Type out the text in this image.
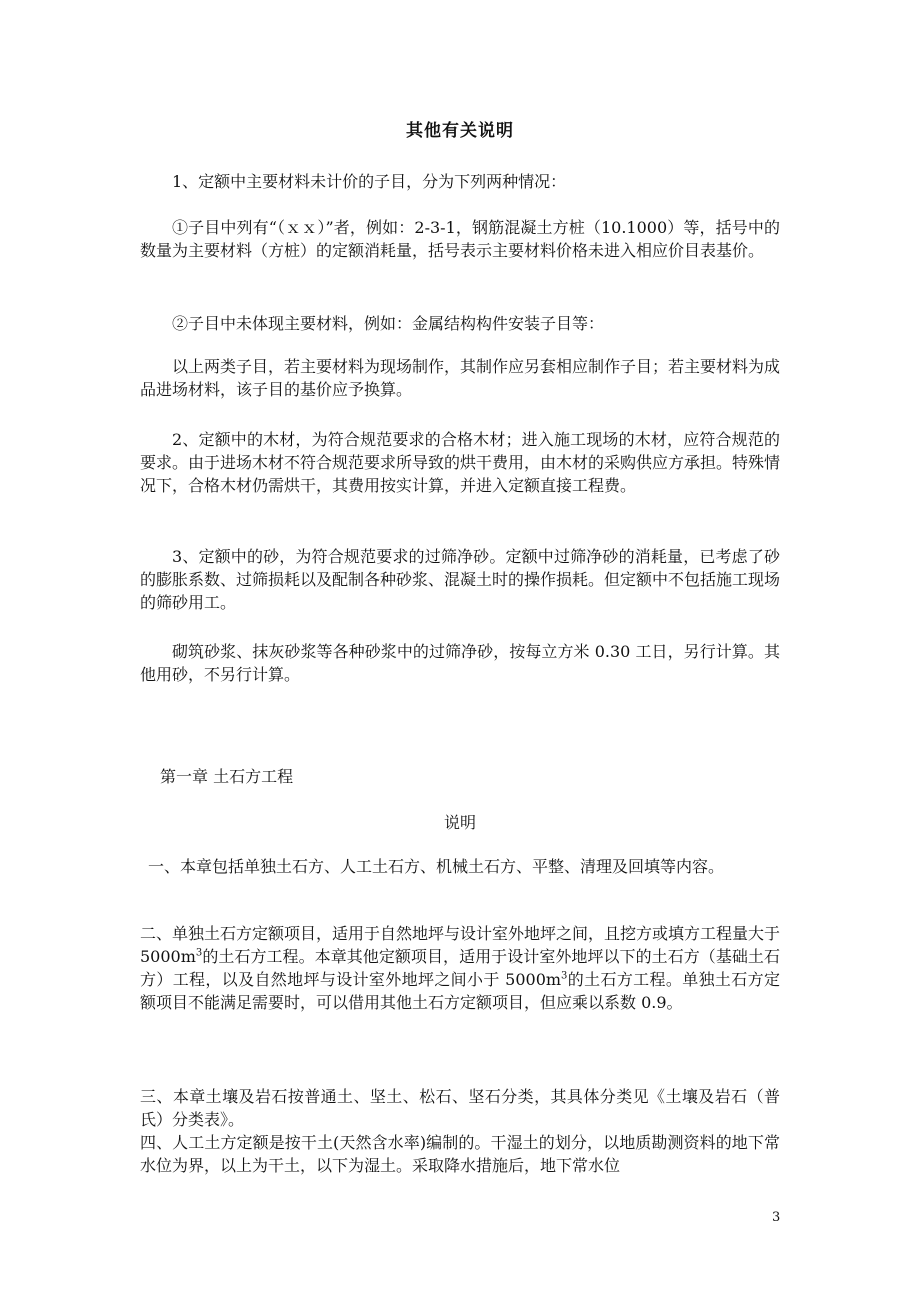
其他有关说明

1、定额中主要材料未计价的子目，分为下列两种情况：

①子目中列有“（ｘｘ）”者，例如：2-3-1，钢筋混凝土方桩（10.1000）等，括号中的数量为主要材料（方桩）的定额消耗量，括号表示主要材料价格未进入相应价目表基价。

②子目中未体现主要材料，例如：金属结构构件安装子目等：

以上两类子目，若主要材料为现场制作，其制作应另套相应制作子目；若主要材料为成品进场材料，该子目的基价应予换算。

2、定额中的木材，为符合规范要求的合格木材；进入施工现场的木材，应符合规范的要求。由于进场木材不符合规范要求所导致的烘干费用，由木材的采购供应方承担。特殊情况下，合格木材仍需烘干，其费用按实计算，并进入定额直接工程费。

3、定额中的砂，为符合规范要求的过筛净砂。定额中过筛净砂的消耗量，已考虑了砂的膨胀系数、过筛损耗以及配制各种砂浆、混凝土时的操作损耗。但定额中不包括施工现场的筛砂用工。

砌筑砂浆、抹灰砂浆等各种砂浆中的过筛净砂，按每立方米 0.30 工日，另行计算。其他用砂，不另行计算。

第一章 土石方工程
说明

一、本章包括单独土石方、人工土石方、机械土石方、平整、清理及回填等内容。

二、单独土石方定额项目，适用于自然地坪与设计室外地坪之间，且挖方或填方工程量大于 $5000m^3$的土石方工程。本章其他定额项目，适用于设计室外地坪以下的土石方（基础土石方）工程，以及自然地坪与设计室外地坪之间小于 $5000m^3$的土石方工程。单独土石方定额项目不能满足需要时，可以借用其他土石方定额项目，但应乘以系数 0.9。

三、本章土壤及岩石按普通土、坚土、松石、坚石分类，其具体分类见《土壤及岩石（普氏）分类表》。

四、人工土方定额是按干土(天然含水率)编制的。干湿土的划分，以地质勘测资料的地下常水位为界，以上为干土，以下为湿土。采取降水措施后，地下常水位

3
